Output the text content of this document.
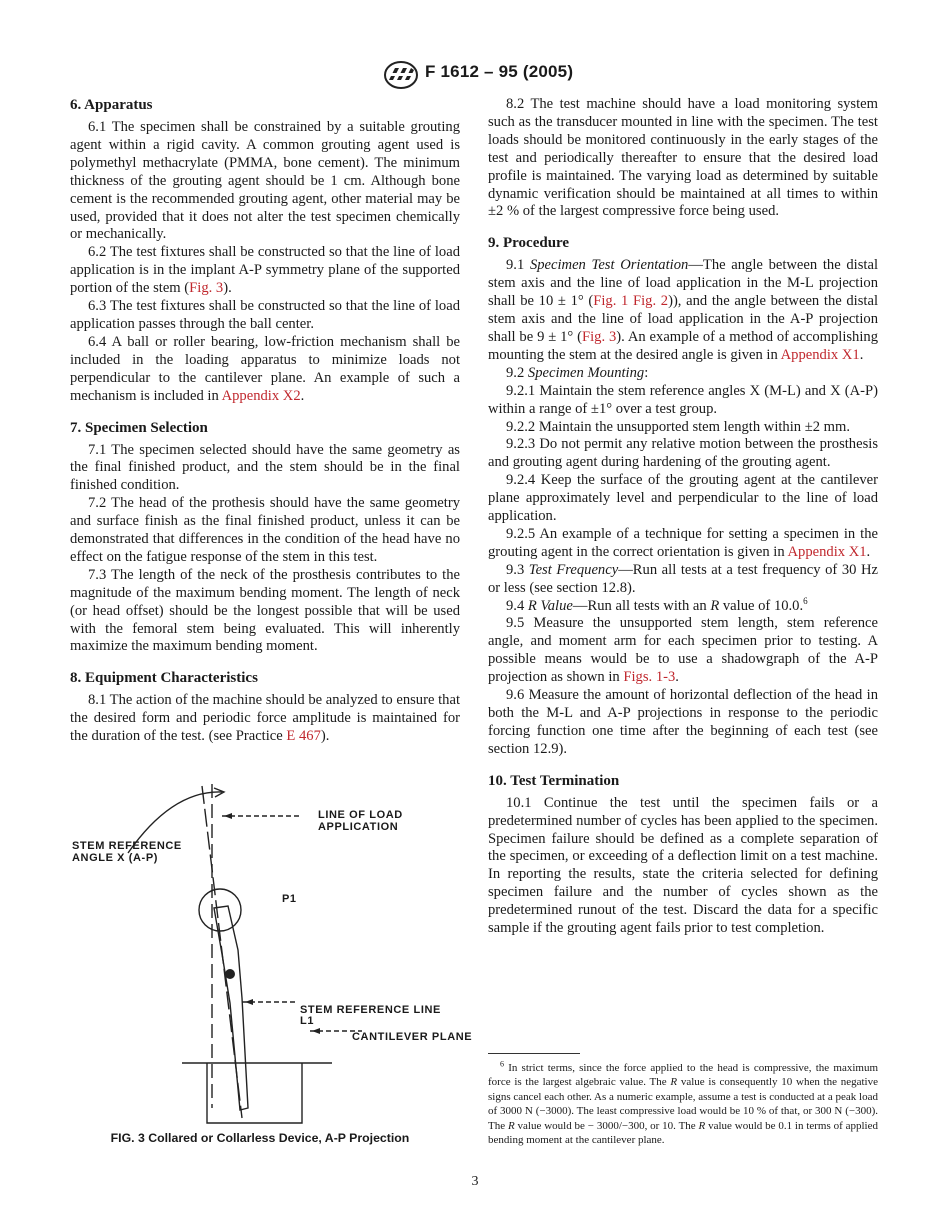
F 1612 – 95 (2005)
6. Apparatus

6.1 The specimen shall be constrained by a suitable grouting agent within a rigid cavity. A common grouting agent used is polymethyl methacrylate (PMMA, bone cement). The minimum thickness of the grouting agent should be 1 cm. Although bone cement is the recommended grouting agent, other material may be used, provided that it does not alter the test specimen chemically or mechanically.

6.2 The test fixtures shall be constructed so that the line of load application is in the implant A-P symmetry plane of the supported portion of the stem (Fig. 3).

6.3 The test fixtures shall be constructed so that the line of load application passes through the ball center.

6.4 A ball or roller bearing, low-friction mechanism shall be included in the loading apparatus to minimize loads not perpendicular to the cantilever plane. An example of such a mechanism is included in Appendix X2.

7. Specimen Selection

7.1 The specimen selected should have the same geometry as the final finished product, and the stem should be in the final finished condition.

7.2 The head of the prothesis should have the same geometry and surface finish as the final finished product, unless it can be demonstrated that differences in the condition of the head have no effect on the fatigue response of the stem in this test.

7.3 The length of the neck of the prosthesis contributes to the magnitude of the maximum bending moment. The length of neck (or head offset) should be the longest possible that will be used with the femoral stem being evaluated. This will inherently maximize the maximum bending moment.

8. Equipment Characteristics

8.1 The action of the machine should be analyzed to ensure that the desired form and periodic force amplitude is maintained for the duration of the test. (see Practice E 467).

LINE OF LOAD
APPLICATION
STEM REFERENCE
ANGLE X (A-P)
P1
STEM REFERENCE LINE
L1
CANTILEVER PLANE
FIG. 3 Collared or Collarless Device, A-P Projection

8.2 The test machine should have a load monitoring system such as the transducer mounted in line with the specimen. The test loads should be monitored continuously in the early stages of the test and periodically thereafter to ensure that the desired load profile is maintained. The varying load as determined by suitable dynamic verification should be maintained at all times to within ±2 % of the largest compressive force being used.

9. Procedure

9.1 Specimen Test Orientation—The angle between the distal stem axis and the line of load application in the M-L projection shall be 10 ± 1° (Fig. 1 Fig. 2)), and the angle between the distal stem axis and the line of load application in the A-P projection shall be 9 ± 1° (Fig. 3). An example of a method of accomplishing mounting the stem at the desired angle is given in Appendix X1.

9.2 Specimen Mounting:

9.2.1 Maintain the stem reference angles X (M-L) and X (A-P) within a range of ±1° over a test group.

9.2.2 Maintain the unsupported stem length within ±2 mm.

9.2.3 Do not permit any relative motion between the prosthesis and grouting agent during hardening of the grouting agent.

9.2.4 Keep the surface of the grouting agent at the cantilever plane approximately level and perpendicular to the line of load application.

9.2.5 An example of a technique for setting a specimen in the grouting agent in the correct orientation is given in Appendix X1.

9.3 Test Frequency—Run all tests at a test frequency of 30 Hz or less (see section 12.8).

9.4 R Value—Run all tests with an R value of 10.0.$^6$

9.5 Measure the unsupported stem length, stem reference angle, and moment arm for each specimen prior to testing. A possible means would be to use a shadowgraph of the A-P projection as shown in Figs. 1-3.

9.6 Measure the amount of horizontal deflection of the head in both the M-L and A-P projections in response to the periodic forcing function one time after the beginning of each test (see section 12.9).

10. Test Termination

10.1 Continue the test until the specimen fails or a predetermined number of cycles has been applied to the specimen. Specimen failure should be defined as a complete separation of the specimen, or exceeding of a deflection limit on a test machine. In reporting the results, state the criteria selected for defining specimen failure and the number of cycles shown as the predetermined runout of the test. Discard the data for a specific sample if the grouting agent fails prior to test completion.

$^6$ In strict terms, since the force applied to the head is compressive, the maximum force is the largest algebraic value. The R value is consequently 10 when the negative signs cancel each other. As a numeric example, assume a test is conducted at a peak load of 3000 N (−3000). The least compressive load would be 10 % of that, or 300 N (−300). The R value would be − 3000/−300, or 10. The R value would be 0.1 in terms of applied bending moment at the cantilever plane.
3
